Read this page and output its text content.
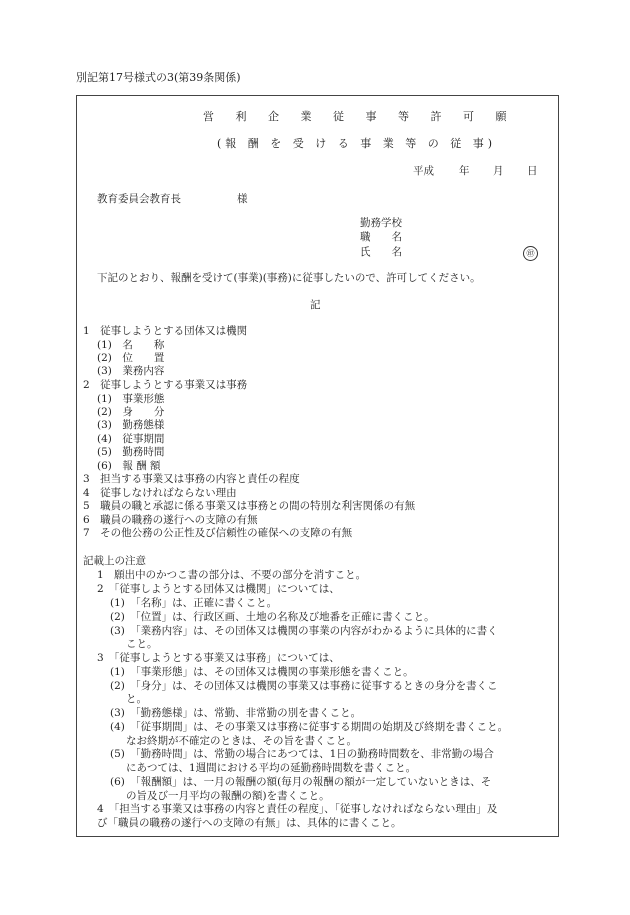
別記第17号様式の3(第39条関係)
営 利 企 業 従 事 等 許 可 願
(報 酬 を 受 け る 事 業 等 の 従 事)
平成 年 月 日
教育委員会教育長	様
勤務学校
職　　名
氏　　名	㊞
下記のとおり、報酬を受けて(事業)(事務)に従事したいので、許可してください。
記
1　従事しようとする団体又は機関
(1)　名　　称
(2)　位　　置
(3)　業務内容
2　従事しようとする事業又は事務
(1)　事業形態
(2)　身　　分
(3)　勤務態様
(4)　従事期間
(5)　勤務時間
(6)　報 酬 額
3　担当する事業又は事務の内容と責任の程度
4　従事しなければならない理由
5　職員の職と承認に係る事業又は事務との間の特別な利害関係の有無
6　職員の職務の遂行への支障の有無
7　その他公務の公正性及び信頼性の確保への支障の有無
記載上の注意
1　願出中のかつこ書の部分は、不要の部分を消すこと。
2　「従事しようとする団体又は機関」については、
(1)　「名称」は、正確に書くこと。
(2)　「位置」は、行政区画、土地の名称及び地番を正確に書くこと。
(3)　「業務内容」は、その団体又は機関の事業の内容がわかるように具体的に書く
こと。
3　「従事しようとする事業又は事務」については、
(1)　「事業形態」は、その団体又は機関の事業形態を書くこと。
(2)　「身分」は、その団体又は機関の事業又は事務に従事するときの身分を書くこ
と。
(3)　「勤務態様」は、常勤、非常勤の別を書くこと。
(4)　「従事期間」は、その事業又は事務に従事する期間の始期及び終期を書くこと。
なお終期が不確定のときは、その旨を書くこと。
(5)　「勤務時間」は、常勤の場合にあつては、1日の勤務時間数を、非常勤の場合
にあつては、1週間における平均の延勤務時間数を書くこと。
(6)　「報酬額」は、一月の報酬の額(毎月の報酬の額が一定していないときは、そ
の旨及び一月平均の報酬の額)を書くこと。
4　「担当する事業又は事務の内容と責任の程度」、「従事しなければならない理由」及
び「職員の職務の遂行への支障の有無」は、具体的に書くこと。
